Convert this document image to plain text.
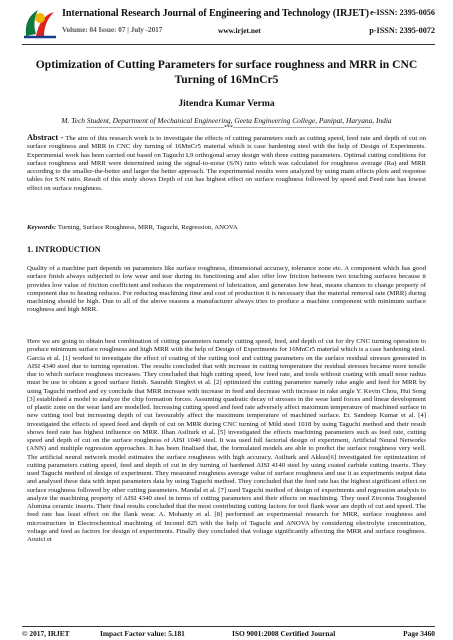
International Research Journal of Engineering and Technology (IRJET) e-ISSN: 2395-0056
Volume: 04 Issue: 07 | July -2017	www.irjet.net	p-ISSN: 2395-0072
Optimization of Cutting Parameters for surface roughness and MRR in CNC Turning of 16MnCr5
Jitendra Kumar Verma
M. Tech Student, Department of Mechanical Engineering, Geeta Engineering College, Panipat, Haryana, India
---------------------------------------------------------------------***---------------------------------------------------------------------
Abstract - The aim of this research work is to investigate the effects of cutting parameters such as cutting speed, feed rate and depth of cut on surface roughness and MRR in CNC dry turning of 16MnCr5 material which is case hardening steel with the help of Design of Experiments. Experimental work has been carried out based on Taguchi L9 orthogonal array design with three cutting parameters. Optimal cutting conditions for surface roughness and MRR were determined using the signal-to-noise (S/N) ratio which was calculated for roughness average (Ra) and MRR according to the smaller-the-better and larger the better approach. The experimental results were analyzed by using main effects plots and response tables for S/N ratio. Result of this study shows Depth of cut has highest effect on surface roughness followed by speed and Feed rate has lowest effect on surface roughness.
Keywords: Turning, Surface Roughness, MRR, Taguchi, Regression, ANOVA
1. INTRODUCTION
Quality of a machine part depends on parameters like surface roughness, dimensional accuracy, tolerance zone etc. A component which has good surface finish always subjected to low wear and tear during its functioning and also offer low friction between two touching surfaces because it provides low value of friction coefficient and reduces the requirement of lubrication, and generates low heat, means chances to change property of component due to heating reduces. For reducing machining time and cost of production it is necessary that the material removal rate (MRR) during machining should be high. Due to all of the above reasons a manufacturer always tries to produce a machine component with minimum surface roughness and high MRR.
Here we are going to obtain best combination of cutting parameters namely cutting speed, feed, and depth of cut for dry CNC turning operation to produce minimum surface roughness and high MRR with the help of Design of Experiments for 16MnCr5 material which is a case hardening steel. Garcia et al. [1] worked to investigate the effect of coating of the cutting tool and cutting parameters on the surface residual stresses generated in AISI 4340 steel due to turning operation. The results concluded that with increase in cutting temperature the residual stresses became more tensile due to which surface roughness increases. They concluded that high cutting speed, low feed rate, and tools without coating with small nose radius must be use to obtain a good surface finish. Saurabh Singhvi et al. [2] optimized the cutting parameter namely rake angle and feed for MRR by using Taguchi method and ey conclude that MRR increase with increase in feed and decrease with increase in rake angle Y. Kevin Chou, Hui Song [3] established a model to analyze the chip formation forces. Assuming quadratic decay of stresses in the wear land forces and linear development of plastic zone on the wear land are modelled. Increasing cutting speed and feed rate adversely affect maximum temperature of machined surface in new cutting tool but increasing depth of cut favourably affect the maximum temperature of machined surface. Er. Sandeep Kumar et al. [4] investigated the effects of speed feed and depth of cut on MRR during CNC turning of Mild steel 1018 by using Taguchi method and their result shows feed rate has highest influence on MRR. Ilhan Asilturk et al. [5] investigated the effects machining parameters such as feed rate, cutting speed and depth of cut on the surface roughness of AISI 1040 steel. It was used full factorial design of experiment, Artificial Neural Networks (ANN) and multiple regression approaches. It has been finalised that, the formulated models are able to predict the surface roughness very well. The artificial neural network model estimates the surface roughness with high accuracy. Asilturk and Akkus[6] investigated for optimization of cutting parameters cutting speed, feed and depth of cut in dry turning of hardened AISI 4140 steel by using coated carbide cutting inserts. They used Taguchi method of design of experiment. They measured roughness average value of surface roughness and use it as experiments output data and analysed these data with input parameters data by using Taguchi method. They concluded that the feed rate has the highest significant effect on surface roughness followed by other cutting parameters. Mandal et al. [7] used Taguchi method of design of experiments and regression analysis to analyze the machining property of AISI 4340 steel in terms of cutting parameters and their effects on machining. They used Zirconia Toughened Alumina ceramic inserts. Their final results concluded that the most contributing cutting factors for tool flank wear are depth of cut and speed. The feed rate has least effect on the flank wear. A. Mohanty et al. [8] performed an experimental research for MRR, surface roughness and microstructure in Electrochemical machining of Inconel 825 with the help of Taguchi and ANOVA by considering electrolyte concentration, voltage and feed as factors for design of experiments. Finally they concluded that voltage significantly affecting the MRR and surface roughness. Aouici et
© 2017, IRJET	Impact Factor value: 5.181	ISO 9001:2008 Certified Journal	Page 3460
